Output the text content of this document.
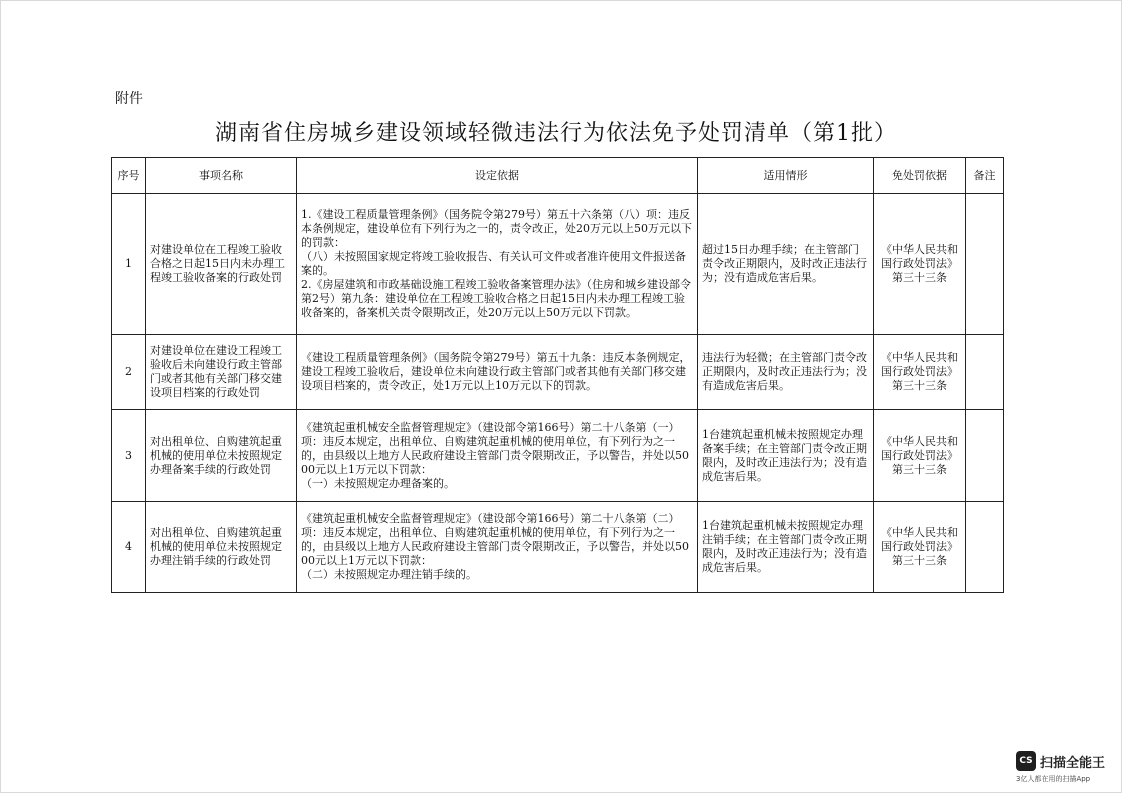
附件
湖南省住房城乡建设领域轻微违法行为依法免予处罚清单（第1批）
序号	事项名称	设定依据	适用情形	免处罚依据	备注
1	对建设单位在工程竣工验收合格之日起15日内未办理工程竣工验收备案的行政处罚	1.《建设工程质量管理条例》（国务院令第279号）第五十六条第（八）项：违反本条例规定，建设单位有下列行为之一的，责令改正，处20万元以上50万元以下的罚款：
（八）未按照国家规定将竣工验收报告、有关认可文件或者准许使用文件报送备案的。
2.《房屋建筑和市政基础设施工程竣工验收备案管理办法》（住房和城乡建设部令第2号）第九条：建设单位在工程竣工验收合格之日起15日内未办理工程竣工验收备案的，备案机关责令限期改正，处20万元以上50万元以下罚款。	超过15日办理手续；在主管部门责令改正期限内，及时改正违法行为；没有造成危害后果。	《中华人民共和国行政处罚法》第三十三条	
2	对建设单位在建设工程竣工验收后未向建设行政主管部门或者其他有关部门移交建设项目档案的行政处罚	《建设工程质量管理条例》（国务院令第279号）第五十九条：违反本条例规定，建设工程竣工验收后，建设单位未向建设行政主管部门或者其他有关部门移交建设项目档案的，责令改正，处1万元以上10万元以下的罚款。	违法行为轻微；在主管部门责令改正期限内，及时改正违法行为；没有造成危害后果。	《中华人民共和国行政处罚法》第三十三条	
3	对出租单位、自购建筑起重机械的使用单位未按照规定办理备案手续的行政处罚	《建筑起重机械安全监督管理规定》（建设部令第166号）第二十八条第（一）项：违反本规定，出租单位、自购建筑起重机械的使用单位，有下列行为之一的，由县级以上地方人民政府建设主管部门责令限期改正，予以警告，并处以5000元以上1万元以下罚款：
（一）未按照规定办理备案的。	1台建筑起重机械未按照规定办理备案手续；在主管部门责令改正期限内，及时改正违法行为；没有造成危害后果。	《中华人民共和国行政处罚法》第三十三条	
4	对出租单位、自购建筑起重机械的使用单位未按照规定办理注销手续的行政处罚	《建筑起重机械安全监督管理规定》（建设部令第166号）第二十八条第（二）项：违反本规定，出租单位、自购建筑起重机械的使用单位，有下列行为之一的，由县级以上地方人民政府建设主管部门责令限期改正，予以警告，并处以5000元以上1万元以下罚款：
（二）未按照规定办理注销手续的。	1台建筑起重机械未按照规定办理注销手续；在主管部门责令改正期限内，及时改正违法行为；没有造成危害后果。	《中华人民共和国行政处罚法》第三十三条	
CS 扫描全能王
3亿人都在用的扫描App
